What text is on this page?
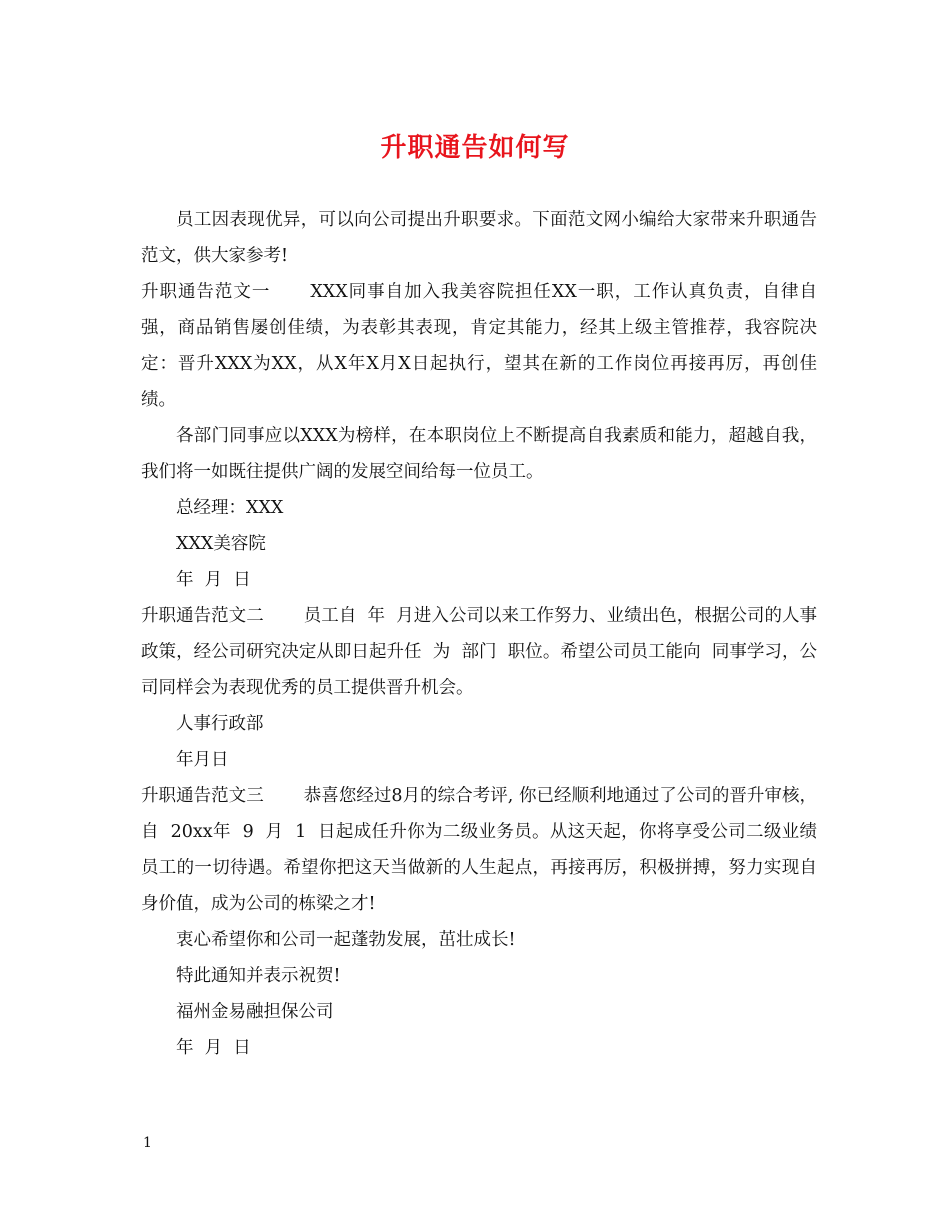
升职通告如何写

员工因表现优异，可以向公司提出升职要求。下面范文网小编给大家带来升职通告范文，供大家参考!

升职通告范文一 XXX同事自加入我美容院担任XX一职，工作认真负责，自律自强，商品销售屡创佳绩，为表彰其表现，肯定其能力，经其上级主管推荐，我容院决定：晋升XXX为XX，从X年X月X日起执行，望其在新的工作岗位再接再厉，再创佳绩。

各部门同事应以XXX为榜样，在本职岗位上不断提高自我素质和能力，超越自我，我们将一如既往提供广阔的发展空间给每一位员工。

总经理：XXX

XXX美容院

年  月  日

升职通告范文二 员工自  年  月进入公司以来工作努力、业绩出色，根据公司的人事政策，经公司研究决定从即日起升任  为  部门  职位。希望公司员工能向  同事学习，公司同样会为表现优秀的员工提供晋升机会。

人事行政部

年月日

升职通告范文三 恭喜您经过8月的综合考评, 你已经顺利地通过了公司的晋升审核，自  20xx年  9  月  1  日起成任升你为二级业务员。从这天起，你将享受公司二级业绩员工的一切待遇。希望你把这天当做新的人生起点，再接再厉，积极拼搏，努力实现自身价值，成为公司的栋梁之才!

衷心希望你和公司一起蓬勃发展，茁壮成长!

特此通知并表示祝贺!

福州金易融担保公司

年  月  日

1
